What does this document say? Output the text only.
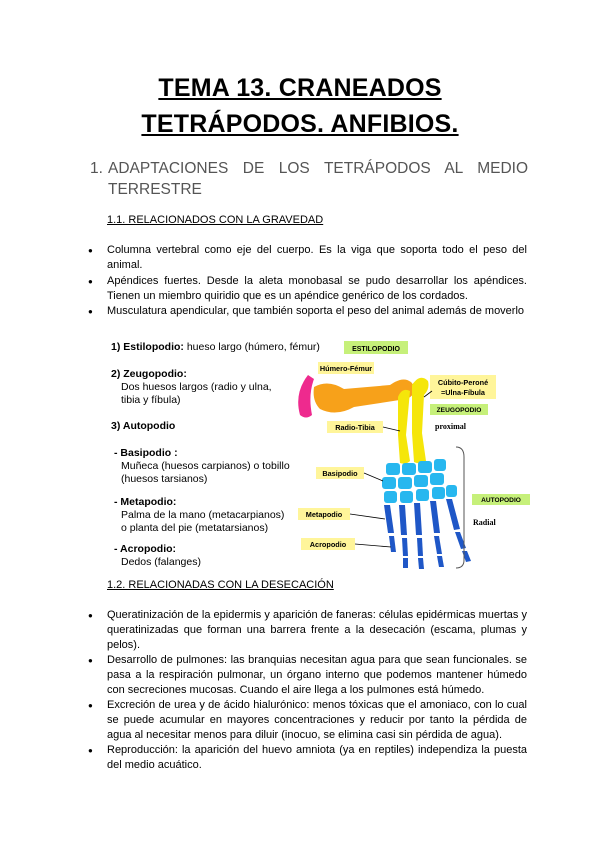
TEMA 13. CRANEADOS
TETRÁPODOS. ANFIBIOS.
1. ADAPTACIONES DE LOS TETRÁPODOS AL MEDIO
TERRESTRE
1.1. RELACIONADOS CON LA GRAVEDAD
● Columna vertebral como eje del cuerpo. Es la viga que soporta todo el peso del animal.
● Apéndices fuertes. Desde la aleta monobasal se pudo desarrollar los apéndices. Tienen un miembro quiridio que es un apéndice genérico de los cordados.
● Musculatura apendicular, que también soporta el peso del animal además de moverlo
1) Estilopodio: hueso largo (húmero, fémur)
2) Zeugopodio:
Dos huesos largos (radio y ulna,
tibia y fíbula)
3) Autopodio
- Basipodio :
Muñeca (huesos carpianos) o tobillo
(huesos tarsianos)
- Metapodio:
Palma de la mano (metacarpianos)
o planta del pie (metatarsianos)
- Acropodio:
Dedos (falanges)
ESTILOPODIO
Húmero-Fémur
Cúbito-Peroné
=Ulna-Fíbula
ZEUGOPODIO
proximal
Radio-Tibia
Basipodio
AUTOPODIO
Radial
Metapodio
Acropodio
1.2. RELACIONADAS CON LA DESECACIÓN
● Queratinización de la epidermis y aparición de faneras: células epidérmicas muertas y queratinizadas que forman una barrera frente a la desecación (escama, plumas y pelos).
● Desarrollo de pulmones: las branquias necesitan agua para que sean funcionales. se pasa a la respiración pulmonar, un órgano interno que podemos mantener húmedo con secreciones mucosas. Cuando el aire llega a los pulmones está húmedo.
● Excreción de urea y de ácido hialurónico: menos tóxicas que el amoniaco, con lo cual se puede acumular en mayores concentraciones y reducir por tanto la pérdida de agua al necesitar menos para diluir (inocuo, se elimina casi sin pérdida de agua).
● Reproducción: la aparición del huevo amniota (ya en reptiles) independiza la puesta del medio acuático.
